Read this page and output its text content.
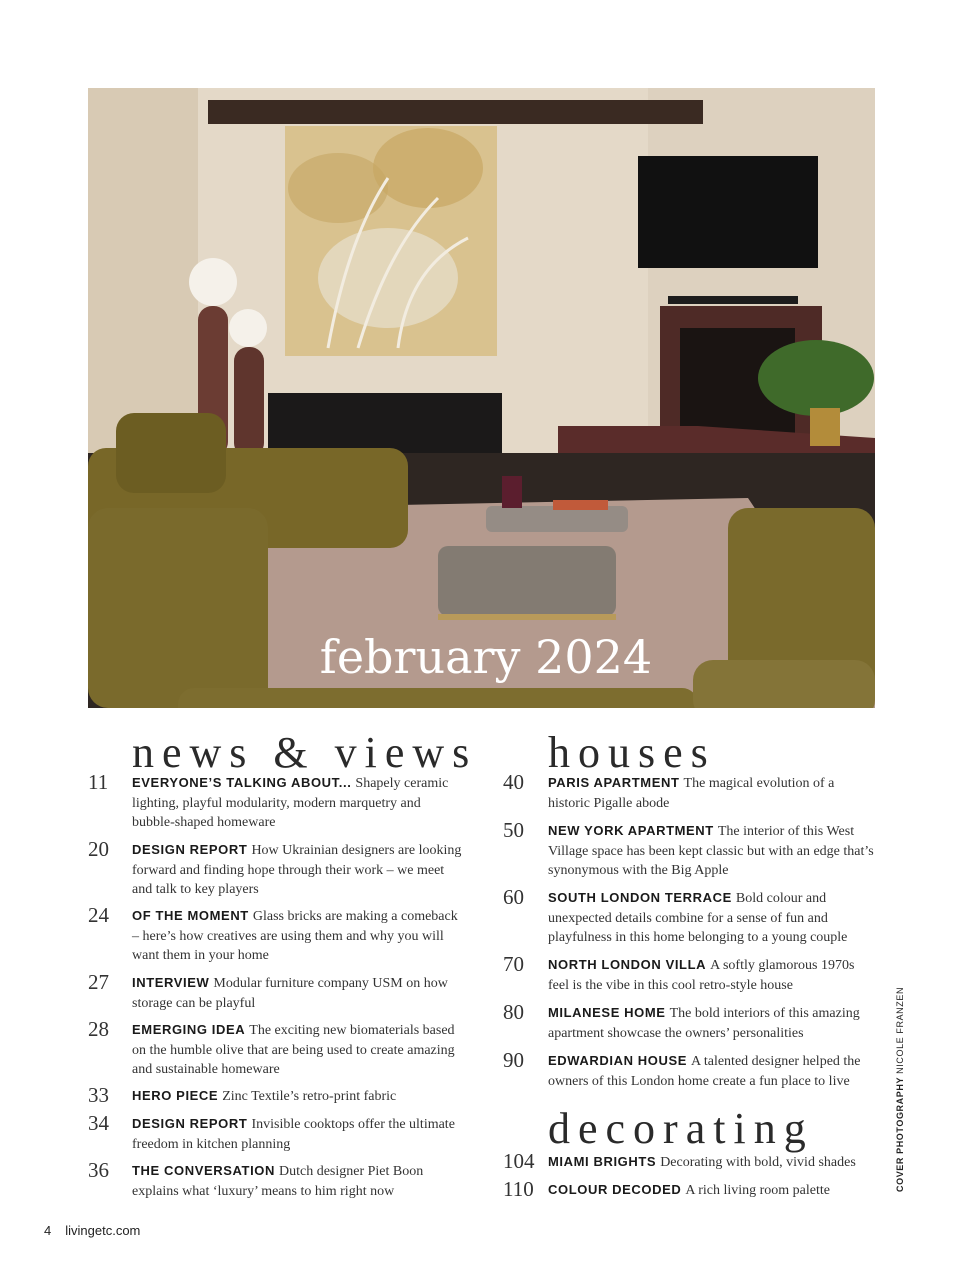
february 2024
news & views houses
decorating
11 EVERYONE’S TALKING ABOUT... Shapely ceramic lighting, playful modularity, modern marquetry and bubble-shaped homeware
20 DESIGN REPORT How Ukrainian designers are looking forward and finding hope through their work – we meet and talk to key players
24 OF THE MOMENT Glass bricks are making a comeback – here’s how creatives are using them and why you will want them in your home
27 INTERVIEW Modular furniture company USM on how storage can be playful
28 EMERGING IDEA The exciting new biomaterials based on the humble olive that are being used to create amazing and sustainable homeware
33 HERO PIECE Zinc Textile’s retro-print fabric
34 DESIGN REPORT Invisible cooktops offer the ultimate freedom in kitchen planning
36 THE CONVERSATION Dutch designer Piet Boon explains what ‘luxury’ means to him right now
40 PARIS APARTMENT The magical evolution of a historic Pigalle abode
50 NEW YORK APARTMENT The interior of this West Village space has been kept classic but with an edge that’s synonymous with the Big Apple
60 SOUTH LONDON TERRACE Bold colour and unexpected details combine for a sense of fun and playfulness in this home belonging to a young couple
70 NORTH LONDON VILLA A softly glamorous 1970s feel is the vibe in this cool retro-style house
80 MILANESE HOME The bold interiors of this amazing apartment showcase the owners’ personalities
90 EDWARDIAN HOUSE A talented designer helped the owners of this London home create a fun place to live
104 MIAMI BRIGHTS Decorating with bold, vivid shades
110 COLOUR DECODED A rich living room palette	COVER PHOTOGRAPHY NICOLE FRANZEN
4 livingetc.com
